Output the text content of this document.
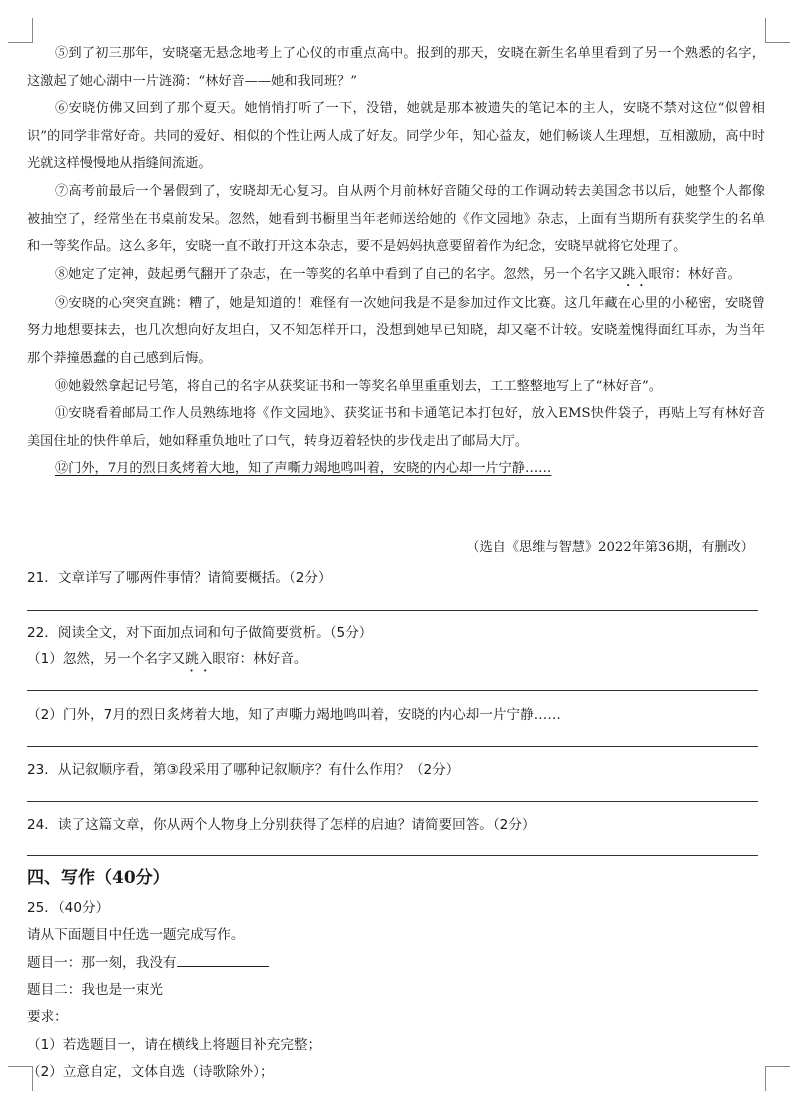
⑤到了初三那年，安晓毫无悬念地考上了心仪的市重点高中。报到的那天，安晓在新生名单里看到了另一个熟悉的名字，这激起了她心湖中一片涟漪：“林好音——她和我同班？”

⑥安晓仿佛又回到了那个夏天。她悄悄打听了一下，没错，她就是那本被遗失的笔记本的主人，安晓不禁对这位“似曾相识”的同学非常好奇。共同的爱好、相似的个性让两人成了好友。同学少年，知心益友，她们畅谈人生理想，互相激励，高中时光就这样慢慢地从指缝间流逝。

⑦高考前最后一个暑假到了，安晓却无心复习。自从两个月前林好音随父母的工作调动转去美国念书以后，她整个人都像被抽空了，经常坐在书桌前发呆。忽然，她看到书橱里当年老师送给她的《作文园地》杂志，上面有当期所有获奖学生的名单和一等奖作品。这么多年，安晓一直不敢打开这本杂志，要不是妈妈执意要留着作为纪念，安晓早就将它处理了。

⑧她定了定神，鼓起勇气翻开了杂志，在一等奖的名单中看到了自己的名字。忽然，另一个名字又跳入眼帘：林好音。

⑨安晓的心突突直跳：糟了，她是知道的！难怪有一次她问我是不是参加过作文比赛。这几年藏在心里的小秘密，安晓曾努力地想要抹去，也几次想向好友坦白，又不知怎样开口，没想到她早已知晓，却又毫不计较。安晓羞愧得面红耳赤，为当年那个莽撞愚蠢的自己感到后悔。

⑩她毅然拿起记号笔，将自己的名字从获奖证书和一等奖名单里重重划去，工工整整地写上了“林好音”。

⑪安晓看着邮局工作人员熟练地将《作文园地》、获奖证书和卡通笔记本打包好，放入EMS快件袋子，再贴上写有林好音美国住址的快件单后，她如释重负地吐了口气，转身迈着轻快的步伐走出了邮局大厅。

⑫门外，7月的烈日炙烤着大地，知了声嘶力竭地鸣叫着，安晓的内心却一片宁静……

（选自《思维与智慧》2022年第36期，有删改）
21．文章详写了哪两件事情？请简要概括。（2分）
22．阅读全文，对下面加点词和句子做简要赏析。（5分）
（1）忽然，另一个名字又跳入眼帘：林好音。
（2）门外，7月的烈日炙烤着大地，知了声嘶力竭地鸣叫着，安晓的内心却一片宁静……
23．从记叙顺序看，第③段采用了哪种记叙顺序？有什么作用？（2分）
24．读了这篇文章，你从两个人物身上分别获得了怎样的启迪？请简要回答。（2分）
四、写作（40分）
25．（40分）
请从下面题目中任选一题完成写作。
题目一：那一刻，我没有
题目二：我也是一束光
要求：
（1）若选题目一，请在横线上将题目补充完整；
（2）立意自定，文体自选（诗歌除外）；
